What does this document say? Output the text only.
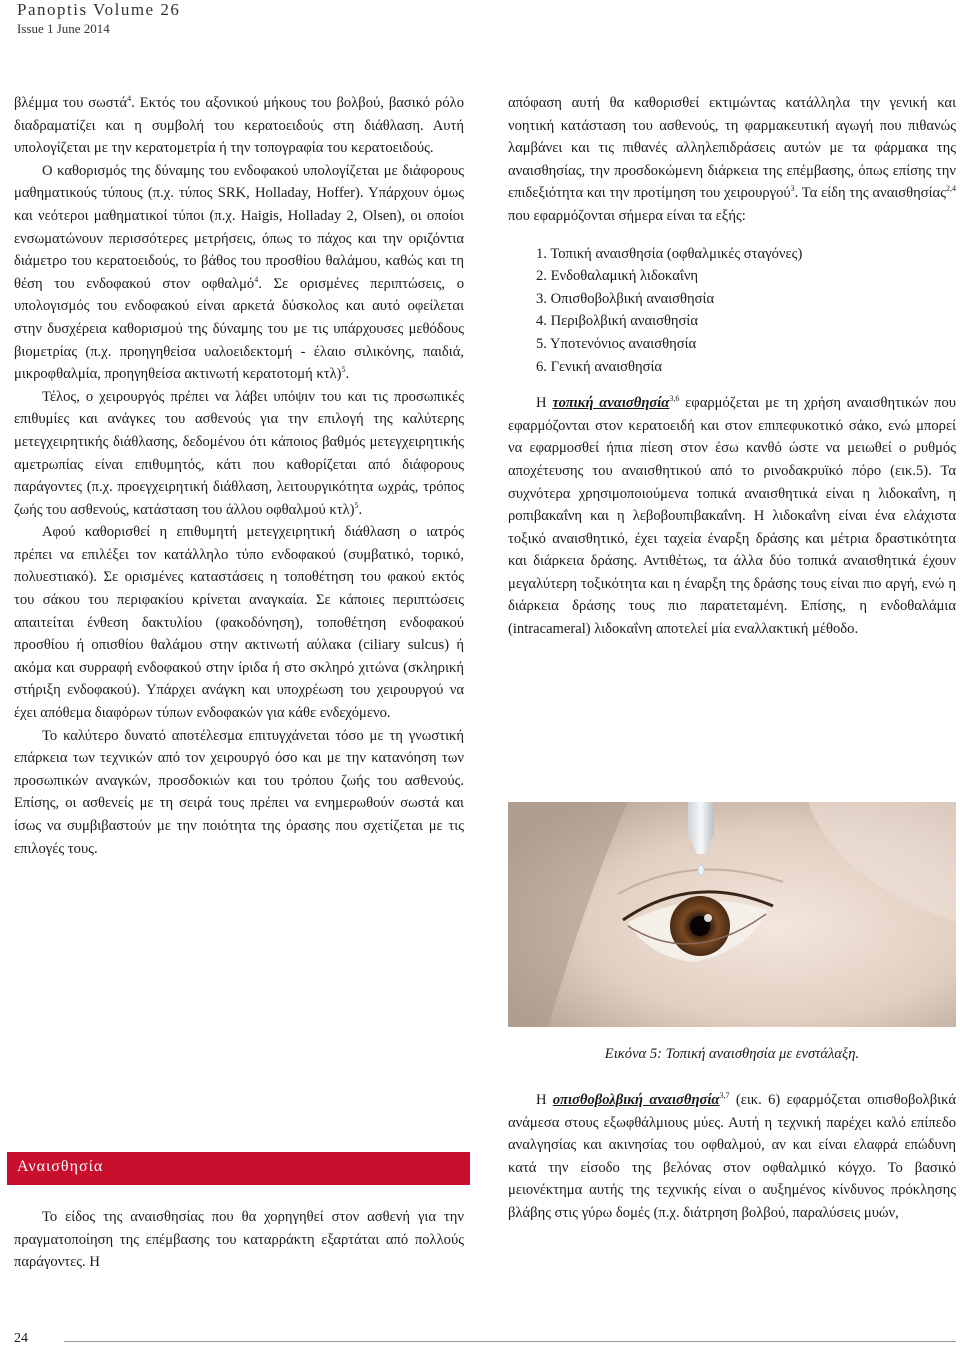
Panoptis Volume 26
Issue 1 June 2014

βλέμμα του σωστά$^4$. Εκτός του αξονικού μήκους του βολβού, βασικό ρόλο διαδραματίζει και η συμβολή του κερατοειδούς στη διάθλαση. Αυτή υπολογίζεται με την κερατομετρία ή την τοπογραφία του κερατοειδούς.

Ο καθορισμός της δύναμης του ενδοφακού υπολογίζεται με διάφορους μαθηματικούς τύπους (π.χ. τύπος SRK, Holladay, Hoffer). Υπάρχουν όμως και νεότεροι μαθηματικοί τύποι (π.χ. Haigis, Holladay 2, Olsen), οι οποίοι ενσωματώνουν περισσότερες μετρήσεις, όπως το πάχος και την οριζόντια διάμετρο του κερατοειδούς, το βάθος του προσθίου θαλάμου, καθώς και τη θέση του ενδοφακού στον οφθαλμό$^4$. Σε ορισμένες περιπτώσεις, ο υπολογισμός του ενδοφακού είναι αρκετά δύσκολος και αυτό οφείλεται στην δυσχέρεια καθορισμού της δύναμης του με τις υπάρχουσες μεθόδους βιομετρίας (π.χ. προηγηθείσα υαλοειδεκτομή - έλαιο σιλικόνης, παιδιά, μικροφθαλμία, προηγηθείσα ακτινωτή κερατοτομή κτλ)$^5$.

Τέλος, ο χειρουργός πρέπει να λάβει υπόψιν του και τις προσωπικές επιθυμίες και ανάγκες του ασθενούς για την επιλογή της καλύτερης μετεγχειρητικής διάθλασης, δεδομένου ότι κάποιος βαθμός μετεγχειρητικής αμετρωπίας είναι επιθυμητός, κάτι που καθορίζεται από διάφορους παράγοντες (π.χ. προεγχειρητική διάθλαση, λειτουργικότητα ωχράς, τρόπος ζωής του ασθενούς, κατάσταση του άλλου οφθαλμού κτλ)$^5$.

Αφού καθορισθεί η επιθυμητή μετεγχειρητική διάθλαση ο ιατρός πρέπει να επιλέξει τον κατάλληλο τύπο ενδοφακού (συμβατικό, τορικό, πολυεστιακό). Σε ορισμένες καταστάσεις η τοποθέτηση του φακού εκτός του σάκου του περιφακίου κρίνεται αναγκαία. Σε κάποιες περιπτώσεις απαιτείται ένθεση δακτυλίου (φακοδόνηση), τοποθέτηση ενδοφακού προσθίου ή οπισθίου θαλάμου στην ακτινωτή αύλακα (ciliary sulcus) ή ακόμα και συρραφή ενδοφακού στην ίριδα ή στο σκληρό χιτώνα (σκληρική στήριξη ενδοφακού). Υπάρχει ανάγκη και υποχρέωση του χειρουργού να έχει απόθεμα διαφόρων τύπων ενδοφακών για κάθε ενδεχόμενο.

Το καλύτερο δυνατό αποτέλεσμα επιτυγχάνεται τόσο με τη γνωστική επάρκεια των τεχνικών από τον χειρουργό όσο και με την κατανόηση των προσωπικών αναγκών, προσδοκιών και του τρόπου ζωής του ασθενούς. Επίσης, οι ασθενείς με τη σειρά τους πρέπει να ενημερωθούν σωστά και ίσως να συμβιβαστούν με την ποιότητα της όρασης που σχετίζεται με τις επιλογές τους.

Αναισθησία

Το είδος της αναισθησίας που θα χορηγηθεί στον ασθενή για την πραγματοποίηση της επέμβασης του καταρράκτη εξαρτάται από πολλούς παράγοντες. Η

απόφαση αυτή θα καθορισθεί εκτιμώντας κατάλληλα την γενική και νοητική κατάσταση του ασθενούς, τη φαρμακευτική αγωγή που πιθανώς λαμβάνει και τις πιθανές αλληλεπιδράσεις αυτών με τα φάρμακα της αναισθησίας, την προσδοκώμενη διάρκεια της επέμβασης, όπως επίσης την επιδεξιότητα και την προτίμηση του χειρουργού$^3$. Τα είδη της αναισθησίας$^{2,4}$ που εφαρμόζονται σήμερα είναι τα εξής:

1. Τοπική αναισθησία (οφθαλμικές σταγόνες)
2. Ενδοθαλαμική λιδοκαΐνη
3. Οπισθοβολβική αναισθησία
4. Περιβολβική αναισθησία
5. Υποτενόνιος αναισθησία
6. Γενική αναισθησία

Η τοπική αναισθησία$^{3,6}$ εφαρμόζεται με τη χρήση αναισθητικών που εφαρμόζονται στον κερατοειδή και στον επιπεφυκοτικό σάκο, ενώ μπορεί να εφαρμοσθεί ήπια πίεση στον έσω κανθό ώστε να μειωθεί ο ρυθμός αποχέτευσης του αναισθητικού από το ρινοδακρυϊκό πόρο (εικ.5). Τα συχνότερα χρησιμοποιούμενα τοπικά αναισθητικά είναι η λιδοκαΐνη, η ροπιβακαΐνη και η λεβοβουπιβακαΐνη. Η λιδοκαΐνη είναι ένα ελάχιστα τοξικό αναισθητικό, έχει ταχεία έναρξη δράσης και μέτρια δραστικότητα και διάρκεια δράσης. Αντιθέτως, τα άλλα δύο τοπικά αναισθητικά έχουν μεγαλύτερη τοξικότητα και η έναρξη της δράσης τους είναι πιο αργή, ενώ η διάρκεια δράσης τους πιο παρατεταμένη. Επίσης, η ενδοθαλάμια (intracameral) λιδοκαΐνη αποτελεί μία εναλλακτική μέθοδο.

Εικόνα 5: Τοπική αναισθησία με ενστάλαξη.

Η οπισθοβολβική αναισθησία$^{3,7}$ (εικ. 6) εφαρμόζεται οπισθοβολβικά ανάμεσα στους εξωφθάλμιους μύες. Αυτή η τεχνική παρέχει καλό επίπεδο αναλγησίας και ακινησίας του οφθαλμού, αν και είναι ελαφρά επώδυνη κατά την είσοδο της βελόνας στον οφθαλμικό κόγχο. Το βασικό μειονέκτημα αυτής της τεχνικής είναι ο αυξημένος κίνδυνος πρόκλησης βλάβης στις γύρω δομές (π.χ. διάτρηση βολβού, παραλύσεις μυών,

24
